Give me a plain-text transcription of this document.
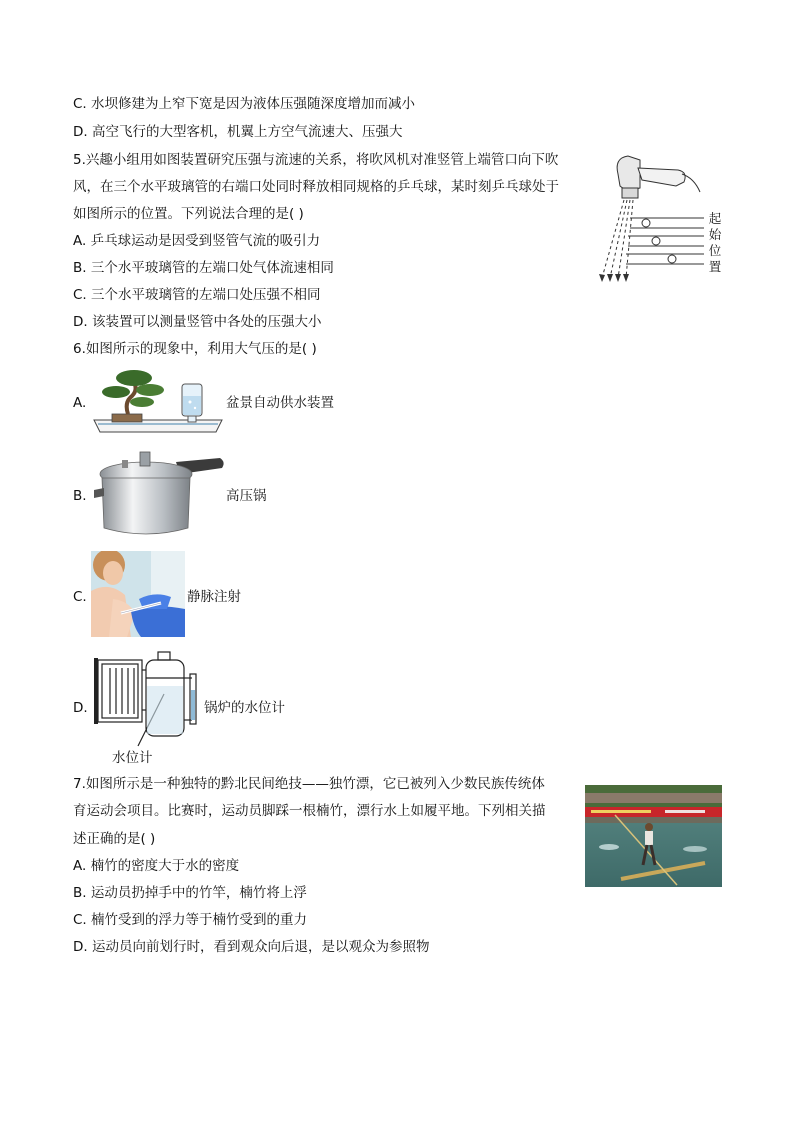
C. 水坝修建为上窄下宽是因为液体压强随深度增加而减小
D. 高空飞行的大型客机，机翼上方空气流速大、压强大
5.兴趣小组用如图装置研究压强与流速的关系，将吹风机对准竖管上端管口向下吹
风，在三个水平玻璃管的右端口处同时释放相同规格的乒乓球，某时刻乒乓球处于
如图所示的位置。下列说法合理的是( )
A. 乒乓球运动是因受到竖管气流的吸引力
B. 三个水平玻璃管的左端口处气体流速相同
C. 三个水平玻璃管的左端口处压强不相同
D. 该装置可以测量竖管中各处的压强大小
6.如图所示的现象中，利用大气压的是( )
7.如图所示是一种独特的黔北民间绝技——独竹漂，它已被列入少数民族传统体
育运动会项目。比赛时，运动员脚踩一根楠竹，漂行水上如履平地。下列相关描
述正确的是( )
A. 楠竹的密度大于水的密度
B. 运动员扔掉手中的竹竿，楠竹将上浮
C. 楠竹受到的浮力等于楠竹受到的重力
D. 运动员向前划行时，看到观众向后退，是以观众为参照物
起
始
位
置
A.	盆景自动供水装置
B.	高压锅
C.	静脉注射
D.	锅炉的水位计
水位计
